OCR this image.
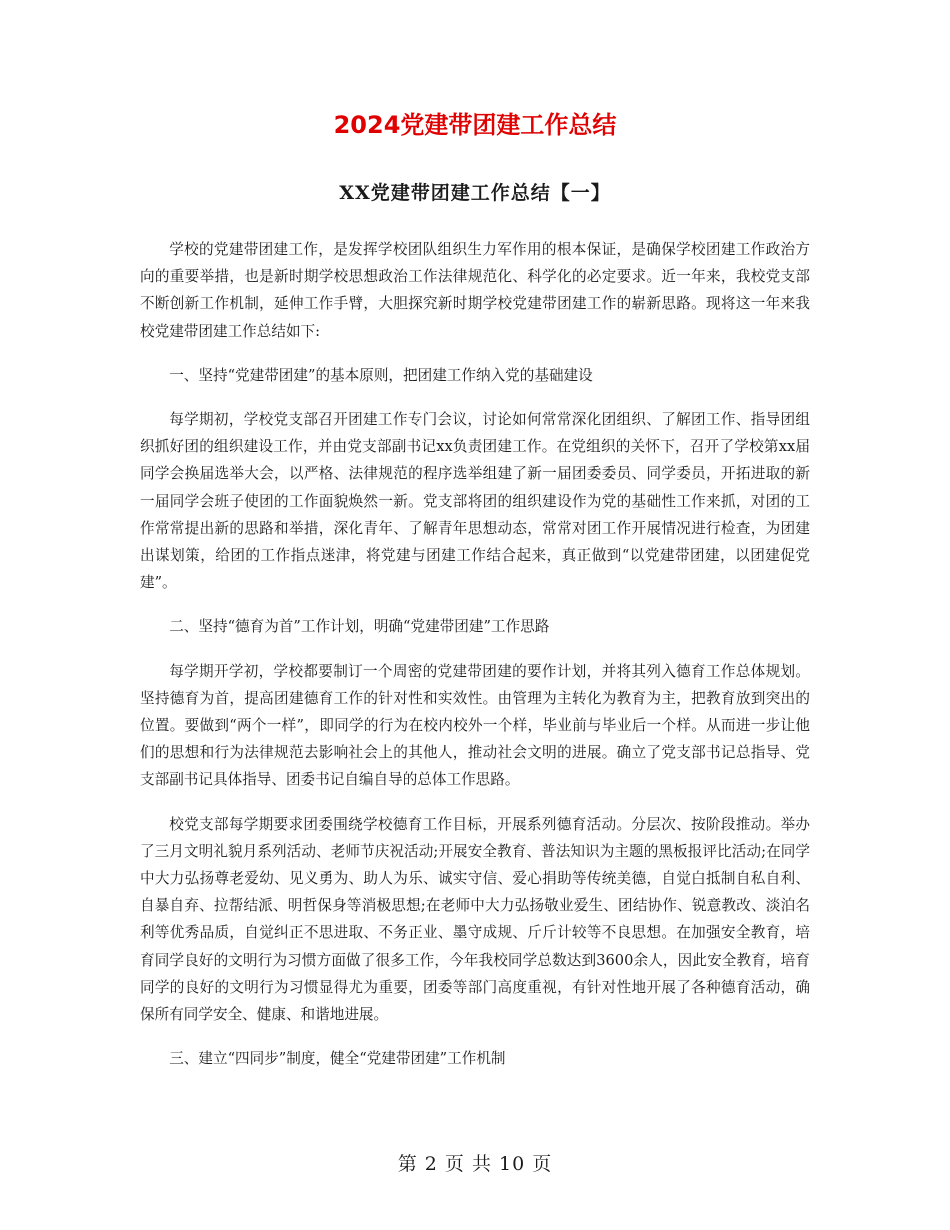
2024党建带团建工作总结
XX党建带团建工作总结【一】

学校的党建带团建工作，是发挥学校团队组织生力军作用的根本保证，是确保学校团建工作政治方向的重要举措，也是新时期学校思想政治工作法律规范化、科学化的必定要求。近一年来，我校党支部不断创新工作机制，延伸工作手臂，大胆探究新时期学校党建带团建工作的崭新思路。现将这一年来我校党建带团建工作总结如下:

一、坚持“党建带团建”的基本原则，把团建工作纳入党的基础建设

每学期初，学校党支部召开团建工作专门会议，讨论如何常常深化团组织、了解团工作、指导团组织抓好团的组织建设工作，并由党支部副书记xx负责团建工作。在党组织的关怀下，召开了学校第xx届同学会换届选举大会，以严格、法律规范的程序选举组建了新一届团委委员、同学委员，开拓进取的新一届同学会班子使团的工作面貌焕然一新。党支部将团的组织建设作为党的基础性工作来抓，对团的工作常常提出新的思路和举措，深化青年、了解青年思想动态，常常对团工作开展情况进行检查，为团建出谋划策，给团的工作指点迷津，将党建与团建工作结合起来，真正做到“以党建带团建，以团建促党建”。

二、坚持“德育为首”工作计划，明确“党建带团建”工作思路

每学期开学初，学校都要制订一个周密的党建带团建的要作计划，并将其列入德育工作总体规划。坚持德育为首，提高团建德育工作的针对性和实效性。由管理为主转化为教育为主，把教育放到突出的位置。要做到“两个一样”，即同学的行为在校内校外一个样，毕业前与毕业后一个样。从而进一步让他们的思想和行为法律规范去影响社会上的其他人，推动社会文明的进展。确立了党支部书记总指导、党支部副书记具体指导、团委书记自编自导的总体工作思路。

校党支部每学期要求团委围绕学校德育工作目标，开展系列德育活动。分层次、按阶段推动。举办了三月文明礼貌月系列活动、老师节庆祝活动;开展安全教育、普法知识为主题的黑板报评比活动;在同学中大力弘扬尊老爱幼、见义勇为、助人为乐、诚实守信、爱心捐助等传统美德，自觉白抵制自私自利、自暴自弃、拉帮结派、明哲保身等消极思想;在老师中大力弘扬敬业爱生、团结协作、锐意教改、淡泊名利等优秀品质，自觉纠正不思进取、不务正业、墨守成规、斤斤计较等不良思想。在加强安全教育，培育同学良好的文明行为习惯方面做了很多工作，今年我校同学总数达到3600余人，因此安全教育，培育同学的良好的文明行为习惯显得尤为重要，团委等部门高度重视，有针对性地开展了各种德育活动，确保所有同学安全、健康、和谐地进展。

三、建立“四同步”制度，健全“党建带团建”工作机制

第 2 页 共 10 页
